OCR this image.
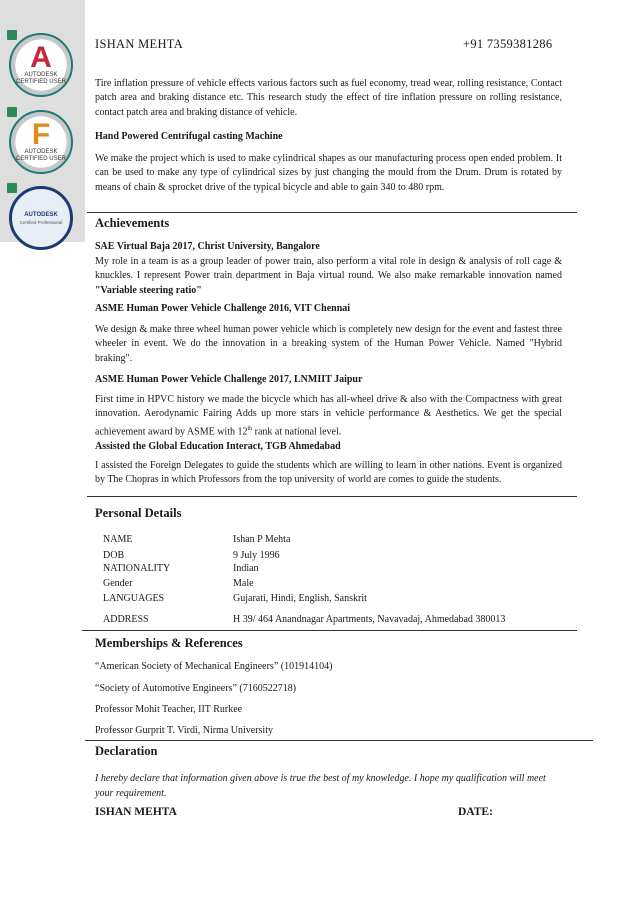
A
AUTODESK
CERTIFIED USER
F
AUTODESK
CERTIFIED USER
AUTODESK
Certified Professional
ISHAN MEHTA	+91 7359381286

Tire inflation pressure of vehicle effects various factors such as fuel economy, tread wear, rolling resistance, Contact patch area and braking distance etc. This research study the effect of tire inflation pressure on rolling resistance, contact patch area and braking distance of vehicle.

Hand Powered Centrifugal casting Machine

We make the project which is used to make cylindrical shapes as our manufacturing process open ended problem. It can be used to make any type of cylindrical sizes by just changing the mould from the Drum. Drum is rotated by means of chain & sprocket drive of the typical bicycle and able to gain 340 to 480 rpm.

Achievements
SAE Virtual Baja 2017, Christ University, Bangalore

My role in a team is as a group leader of power train, also perform a vital role in design & analysis of roll cage & knuckles. I represent Power train department in Baja virtual round. We also make remarkable innovation named "Variable steering ratio"

ASME Human Power Vehicle Challenge 2016, VIT Chennai

We design & make three wheel human power vehicle which is completely new design for the event and fastest three wheeler in event. We do the innovation in a breaking system of the Human Power Vehicle. Named "Hybrid braking".

ASME Human Power Vehicle Challenge 2017, LNMIIT Jaipur

First time in HPVC history we made the bicycle which has all-wheel drive & also with the Compactness with great innovation. Aerodynamic Fairing Adds up more stars in vehicle performance & Aesthetics. We get the special achievement award by ASME with 12th rank at national level.

Assisted the Global Education Interact, TGB Ahmedabad

I assisted the Foreign Delegates to guide the students which are willing to learn in other nations. Event is organized by The Chopras in which Professors from the top university of world are comes to guide the students.

Personal Details
NAME	Ishan P Mehta
DOB	9 July 1996
NATIONALITY	Indian
Gender	Male
LANGUAGES	Gujarati, Hindi, English, Sanskrit
ADDRESS	H 39/ 464 Anandnagar Apartments, Navavadaj, Ahmedabad 380013
Memberships & References
“American Society of Mechanical Engineers” (101914104)
“Society of Automotive Engineers” (7160522718)
Professor Mohit Teacher, IIT Rurkee
Professor Gurprit T. Virdi, Nirma University
Declaration
I hereby declare that information given above is true the best of my knowledge. I hope my qualification will meet your requirement.
ISHAN MEHTA	DATE:
